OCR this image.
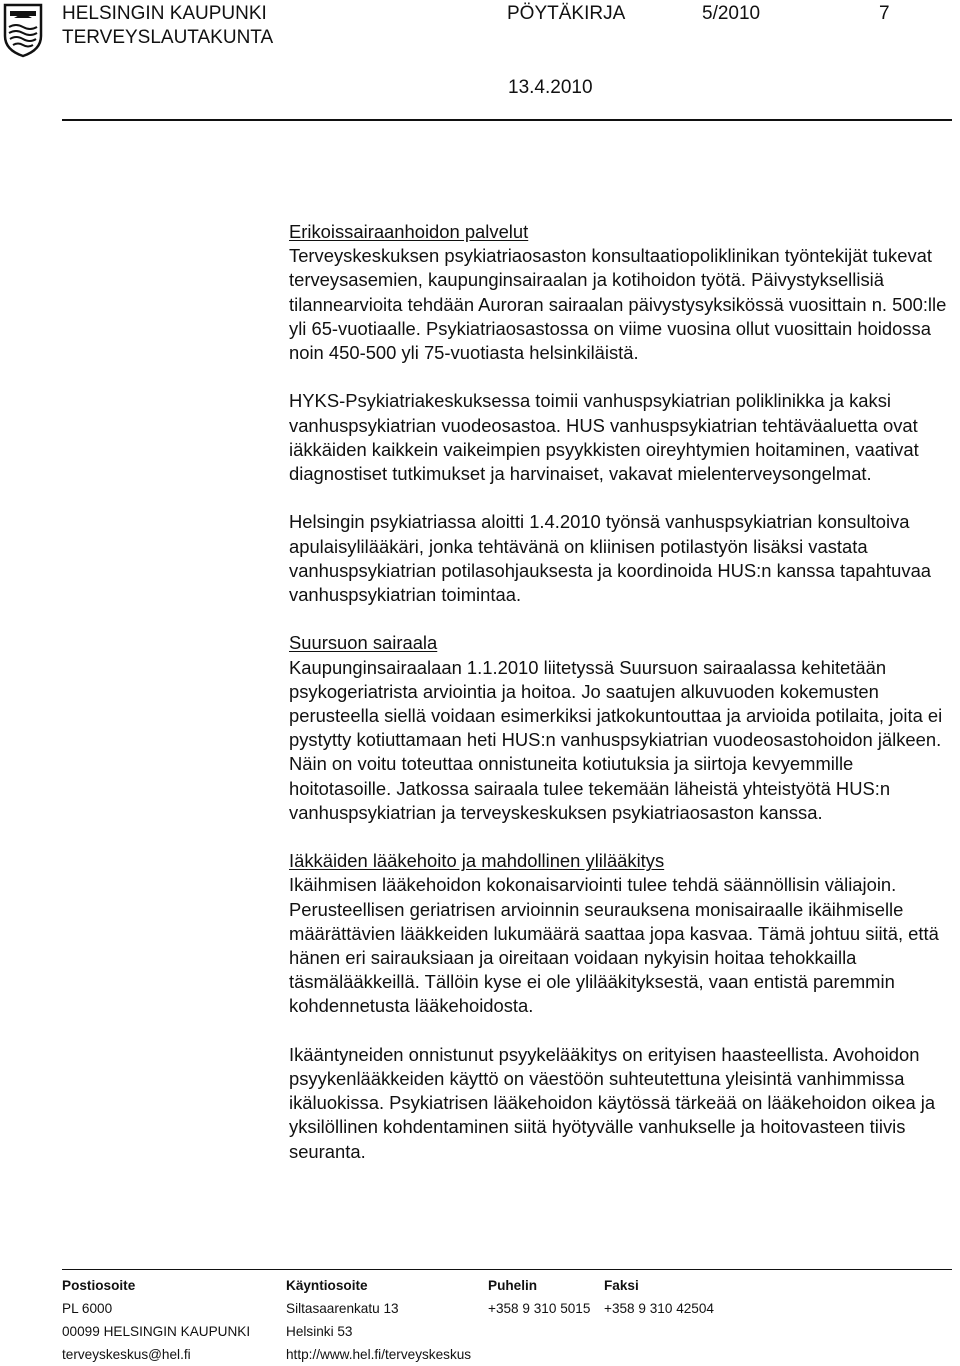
HELSINGIN KAUPUNKI
TERVEYSLAUTAKUNTA
PÖYTÄKIRJA	5/2010	7
13.4.2010

Erikoissairaanhoidon palvelut

Terveyskeskuksen psykiatriaosaston konsultaatiopoliklinikan työntekijät tukevat terveysasemien, kaupunginsairaalan ja kotihoidon työtä. Päivystyksellisiä tilannearvioita tehdään Auroran sairaalan päivystysyksikössä vuosittain n. 500:lle yli 65-vuotiaalle. Psykiatriaosastossa on viime vuosina ollut vuosittain hoidossa noin 450-500 yli 75-vuotiasta helsinkiläistä.

HYKS-Psykiatriakeskuksessa toimii vanhuspsykiatrian poliklinikka ja kaksi vanhuspsykiatrian vuodeosastoa. HUS vanhuspsykiatrian tehtäväaluetta ovat iäkkäiden kaikkein vaikeimpien psyykkisten oireyhtymien hoitaminen, vaativat diagnostiset tutkimukset ja harvinaiset, vakavat mielenterveysongelmat.

Helsingin psykiatriassa aloitti 1.4.2010 työnsä vanhuspsykiatrian konsultoiva apulaisylilääkäri, jonka tehtävänä on kliinisen potilastyön lisäksi vastata vanhuspsykiatrian potilasohjauksesta ja koordinoida HUS:n kanssa tapahtuvaa vanhuspsykiatrian toimintaa.

Suursuon sairaala

Kaupunginsairaalaan 1.1.2010 liitetyssä Suursuon sairaalassa kehitetään psykogeriatrista arviointia ja hoitoa. Jo saatujen alkuvuoden kokemusten perusteella siellä voidaan esimerkiksi jatkokuntouttaa ja arvioida potilaita, joita ei pystytty kotiuttamaan heti HUS:n vanhuspsykiatrian vuodeosastohoidon jälkeen. Näin on voitu toteuttaa onnistuneita kotiutuksia ja siirtoja kevyemmille hoitotasoille. Jatkossa sairaala tulee tekemään läheistä yhteistyötä HUS:n vanhuspsykiatrian ja terveyskeskuksen psykiatriaosaston kanssa.

Iäkkäiden lääkehoito ja mahdollinen ylilääkitys

Ikäihmisen lääkehoidon kokonaisarviointi tulee tehdä säännöllisin väliajoin. Perusteellisen geriatrisen arvioinnin seurauksena monisairaalle ikäihmiselle määrättävien lääkkeiden lukumäärä saattaa jopa kasvaa. Tämä johtuu siitä, että hänen eri sairauksiaan ja oireitaan voidaan nykyisin hoitaa tehokkailla täsmälääkkeillä. Tällöin kyse ei ole ylilääkityksestä, vaan entistä paremmin kohdennetusta lääkehoidosta.

Ikääntyneiden onnistunut psyykelääkitys on erityisen haasteellista. Avohoidon psyykenlääkkeiden käyttö on väestöön suhteutettuna yleisintä vanhimmissa ikäluokissa. Psykiatrisen lääkehoidon käytössä tärkeää on lääkehoidon oikea ja yksilöllinen kohdentaminen siitä hyötyvälle vanhukselle ja hoitovasteen tiivis seuranta.

Postiosoite
PL 6000
00099 HELSINGIN KAUPUNKI
terveyskeskus@hel.fi
Käyntiosoite
Siltasaarenkatu 13
Helsinki 53
http://www.hel.fi/terveyskeskus
Puhelin
+358 9 310 5015
Faksi
+358 9 310 42504
